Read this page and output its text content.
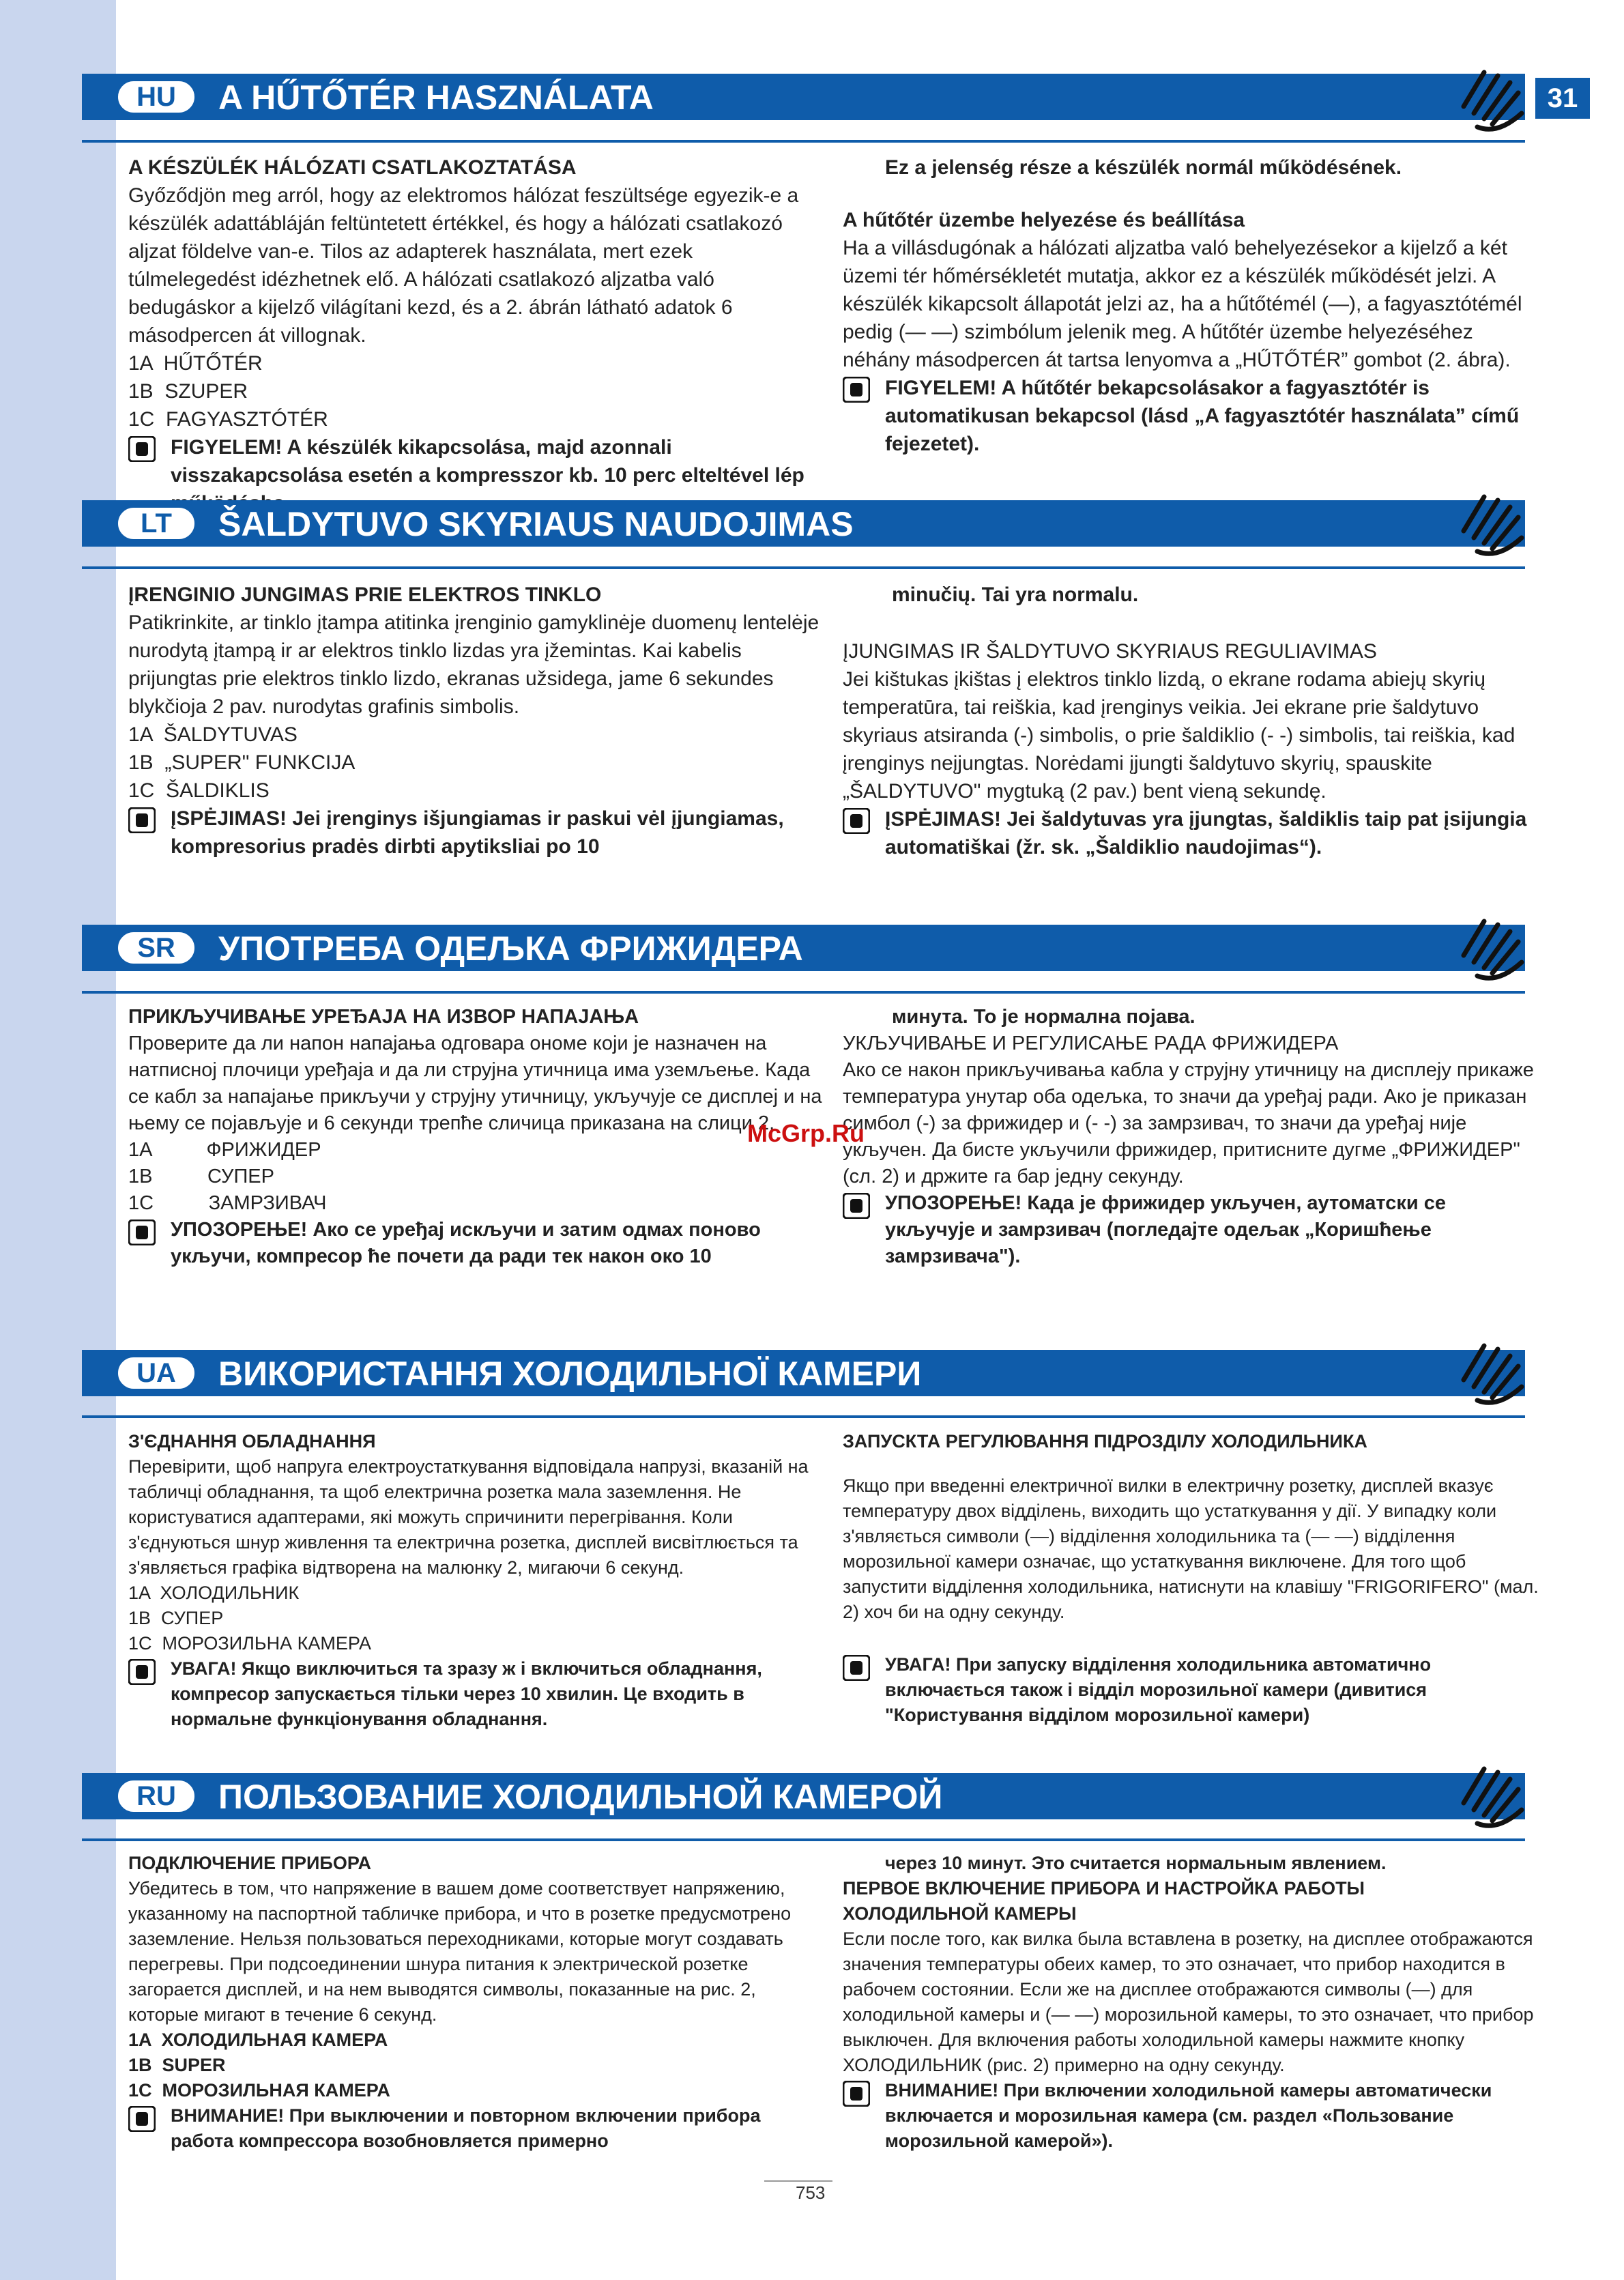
HU	A HŰTŐTÉR HASZNÁLATA	31

A KÉSZÜLÉK HÁLÓZATI CSATLAKOZTATÁSA

Győződjön meg arról, hogy az elektromos hálózat feszültsége egyezik-e a készülék adattábláján feltüntetett értékkel, és hogy a hálózati csatlakozó aljzat földelve van-e. Tilos az adapterek használata, mert ezek túlmelegedést idézhetnek elő. A hálózati csatlakozó aljzatba való bedugáskor a kijelző világítani kezd, és a 2. ábrán látható adatok 6 másodpercen át villognak.

1A  HŰTŐTÉR

1B  SZUPER

1C  FAGYASZTÓTÉR

FIGYELEM! A készülék kikapcsolása, majd azonnali visszakapcsolása esetén a kompresszor kb. 10 perc elteltével lép

Ez a jelenség része a készülék normál működésének.

A hűtőtér üzembe helyezése és beállítása

Ha a villásdugónak a hálózati aljzatba való behelyezésekor a kijelző a két üzemi tér hőmérsékletét mutatja, akkor ez a készülék működését jelzi. A készülék kikapcsolt állapotát jelzi az, ha a hűtőtémél (—), a fagyasztótémél pedig (— —) szimbólum jelenik meg. A hűtőtér üzembe helyezéséhez néhány másodpercen át tartsa lenyomva a „HŰTŐTÉR” gombot (2. ábra).

FIGYELEM! A hűtőtér bekapcsolásakor a fagyasztótér is automatikusan bekapcsol (lásd „A fagyasztótér használata” című fejezetet).

LT	ŠALDYTUVO SKYRIAUS NAUDOJIMAS

ĮRENGINIO JUNGIMAS PRIE ELEKTROS TINKLO

Patikrinkite, ar tinklo įtampa atitinka įrenginio gamyklinėje duomenų lentelėje nurodytą įtampą ir ar elektros tinklo lizdas yra įžemintas. Kai kabelis prijungtas prie elektros tinklo lizdo, ekranas užsidega, jame 6 sekundes blykčioja 2 pav. nurodytas grafinis simbolis.

1A  ŠALDYTUVAS

1B  „SUPER" FUNKCIJA

1C  ŠALDIKLIS

ĮSPĖJIMAS! Jei įrenginys išjungiamas ir paskui vėl įjungiamas, kompresorius pradės dirbti apytiksliai po 10

minučių. Tai yra normalu.

ĮJUNGIMAS IR ŠALDYTUVO SKYRIAUS REGULIAVIMAS

Jei kištukas įkištas į elektros tinklo lizdą, o ekrane rodama abiejų skyrių temperatūra, tai reiškia, kad įrenginys veikia. Jei ekrane prie šaldytuvo skyriaus atsiranda (-) simbolis, o prie šaldiklio (- -) simbolis, tai reiškia, kad įrenginys neįjungtas. Norėdami įjungti šaldytuvo skyrių, spauskite „ŠALDYTUVO" mygtuką (2 pav.) bent vieną sekundę.

ĮSPĖJIMAS! Jei šaldytuvas yra įjungtas, šaldiklis taip pat įsijungia automatiškai (žr. sk. „Šaldiklio naudojimas“).

SR	УПОТРЕБА ОДЕЉКА ФРИЖИДЕРА

ПРИКЉУЧИВАЊЕ УРЕЂАЈА НА ИЗВОР НАПАЈАЊА

Проверите да ли напон напајања одговара ономе који је назначен на натписној плочици уређаја и да ли струјна утичница има уземљење. Када се кабл за напајање прикључи у струјну утичницу, укључује се дисплеј и на њему се појављује и 6 секунди трепће сличица приказана на слици 2.

1A          ФРИЖИДЕР

1B          СУПЕР

1C          ЗАМРЗИВАЧ

УПОЗОРЕЊЕ! Ако се уређај искључи и затим одмах поново укључи, компресор ће почети да ради тек након око 10

минута. То је нормална појава.

УКЉУЧИВАЊЕ И РЕГУЛИСАЊЕ РАДА ФРИЖИДЕРА

Ако се након прикључивања кабла у струјну утичницу на дисплеју прикаже температура унутар оба одељка, то значи да уређај ради. Ако је приказан симбол (-) за фрижидер и (- -) за замрзивач, то значи да уређај није укључен. Да бисте укључили фрижидер, притисните дугме „ФРИЖИДЕР" (сл. 2) и држите га бар једну секунду.

УПОЗОРЕЊЕ! Када је фрижидер укључен, аутоматски се укључује и замрзивач (погледајте одељак „Коришћење замрзивача").

McGrp.Ru
UA	ВИКОРИСТАННЯ ХОЛОДИЛЬНОЇ КАМЕРИ

З'ЄДНАННЯ ОБЛАДНАННЯ

Перевірити, щоб напруга електроустаткування відповідала напрузі, вказаній на табличці обладнання, та щоб електрична розетка мала заземлення. Не користуватися адаптерами, які можуть спричинити перегрівання. Коли з'єднуються шнур живлення та електрична розетка, дисплей висвітлюється та з'являється графіка відтворена на малюнку 2, мигаючи 6 секунд.

1A  ХОЛОДИЛЬНИК

1B  СУПЕР

1C  МОРОЗИЛЬНА КАМЕРА

УВАГА! Якщо виключиться та зразу ж і включиться обладнання, компресор запускається тільки через 10 хвилин. Це входить в нормальне функціонування обладнання.

ЗАПУСКТА РЕГУЛЮВАННЯ ПІДРОЗДІЛУ ХОЛОДИЛЬНИКА

Якщо при введенні електричної вилки в електричну розетку, дисплей вказує температуру двох відділень, виходить що устаткування у дії. У випадку коли з'являється символи (—) відділення холодильника та (— —) відділення морозильної камери означає, що устаткування виключене. Для того щоб запустити відділення холодильника, натиснути на клавішу "FRIGORIFERO" (мал. 2) хоч би на одну секунду.

УВАГА! При запуску відділення холодильника автоматично включається також і відділ морозильної камери (дивитися "Користування відділом морозильної камери)

RU	ПОЛЬЗОВАНИЕ ХОЛОДИЛЬНОЙ КАМЕРОЙ

ПОДКЛЮЧЕНИЕ ПРИБОРА

Убедитесь в том, что напряжение в вашем доме соответствует напряжению, указанному на паспортной табличке прибора, и что в розетке предусмотрено заземление. Нельзя пользоваться переходниками, которые могут создавать перегревы. При подсоединении шнура питания к электрической розетке загорается дисплей, и на нем выводятся символы, показанные на рис. 2, которые мигают в течение 6 секунд.

1A  ХОЛОДИЛЬНАЯ КАМЕРА

1B  SUPER

1C  МОРОЗИЛЬНАЯ КАМЕРА

ВНИМАНИЕ! При выключении и повторном включении прибора работа компрессора возобновляется примерно

через 10 минут. Это считается нормальным явлением.

ПЕРВОЕ ВКЛЮЧЕНИЕ ПРИБОРА И НАСТРОЙКА РАБОТЫ ХОЛОДИЛЬНОЙ КАМЕРЫ

Если после того, как вилка была вставлена в розетку, на дисплее отображаются значения температуры обеих камер, то это означает, что прибор находится в рабочем состоянии. Если же на дисплее отображаются символы (—) для холодильной камеры и (— —) морозильной камеры, то это означает, что прибор выключен. Для включения работы холодильной камеры нажмите кнопку ХОЛОДИЛЬНИК (рис. 2) примерно на одну секунду.

ВНИМАНИЕ! При включении холодильной камеры автоматически включается и морозильная камера (см. раздел «Пользование морозильной камерой»).

753
